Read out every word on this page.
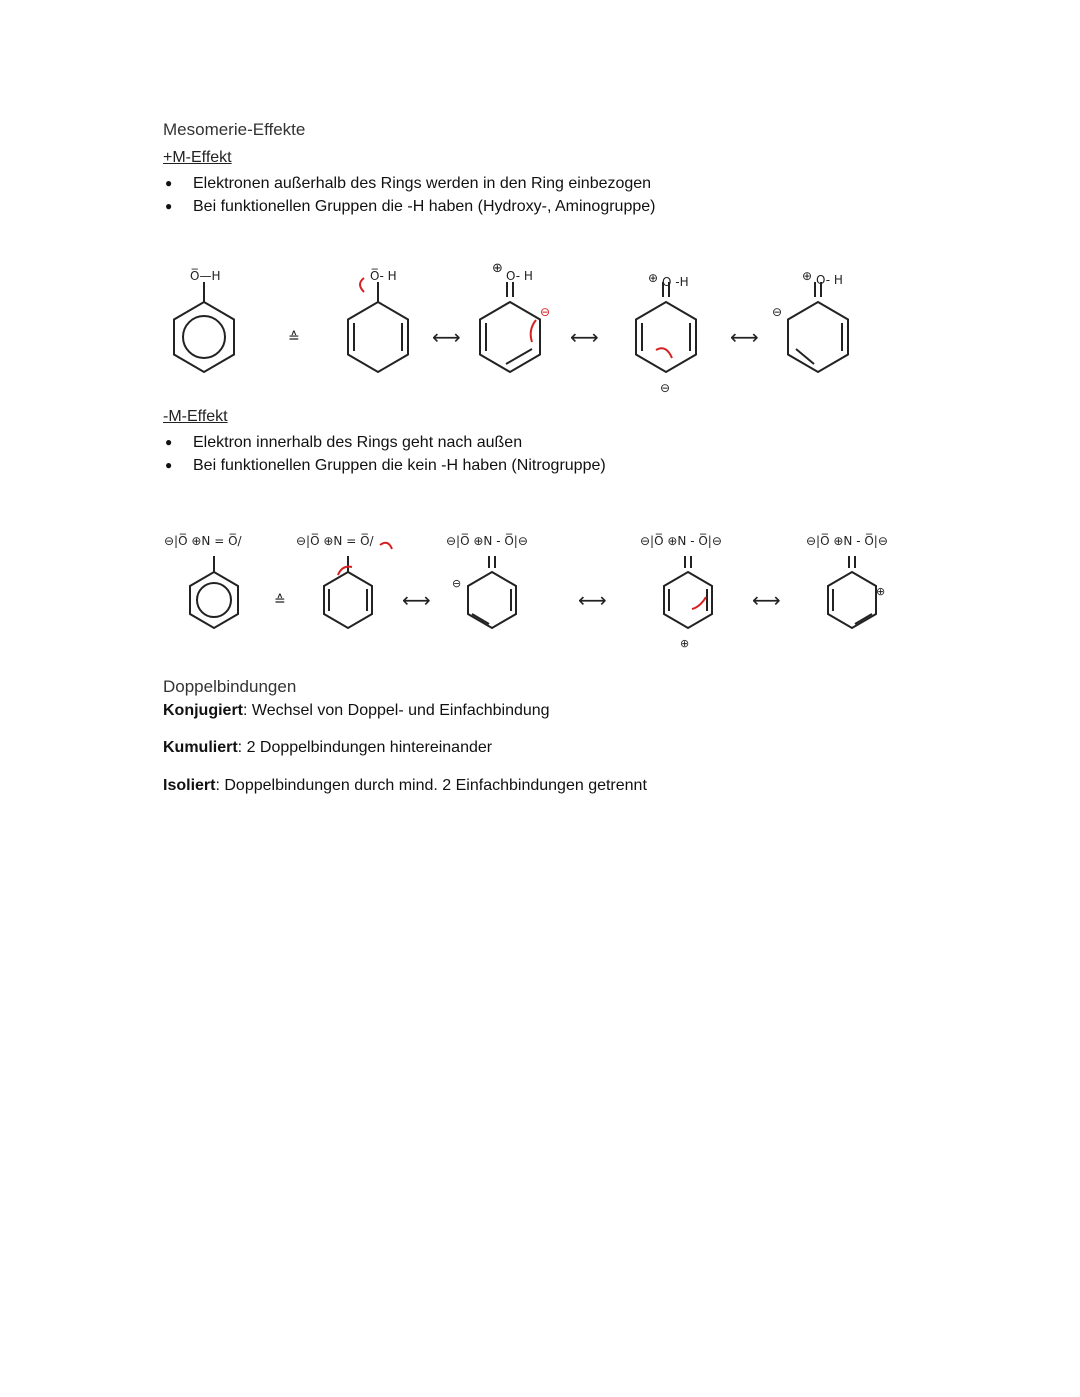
Mesomerie-Effekte
+M-Effekt
● Elektronen außerhalb des Rings werden in den Ring einbezogen
● Bei funktionellen Gruppen die -H haben (Hydroxy-, Aminogruppe)
O̅—H	O̅- H	O- H	O -H	O- H
≙	⟷	⟷	⟷
⊕
⊖
⊕
⊖
⊕
⊖
-M-Effekt
● Elektron innerhalb des Rings geht nach außen
● Bei funktionellen Gruppen die kein -H haben (Nitrogruppe)
⊖|O̅ ⊕N = O̅/	⊖|O̅ ⊕N = O̅/	⊖|O̅ ⊕N - O̅|⊖	⊖|O̅ ⊕N - O̅|⊖	⊖|O̅ ⊕N - O̅|⊖
≙	⟷	⟷	⟷
⊖
⊕
⊕
Doppelbindungen
Konjugiert: Wechsel von Doppel- und Einfachbindung
Kumuliert: 2 Doppelbindungen hintereinander
Isoliert: Doppelbindungen durch mind. 2 Einfachbindungen getrennt
